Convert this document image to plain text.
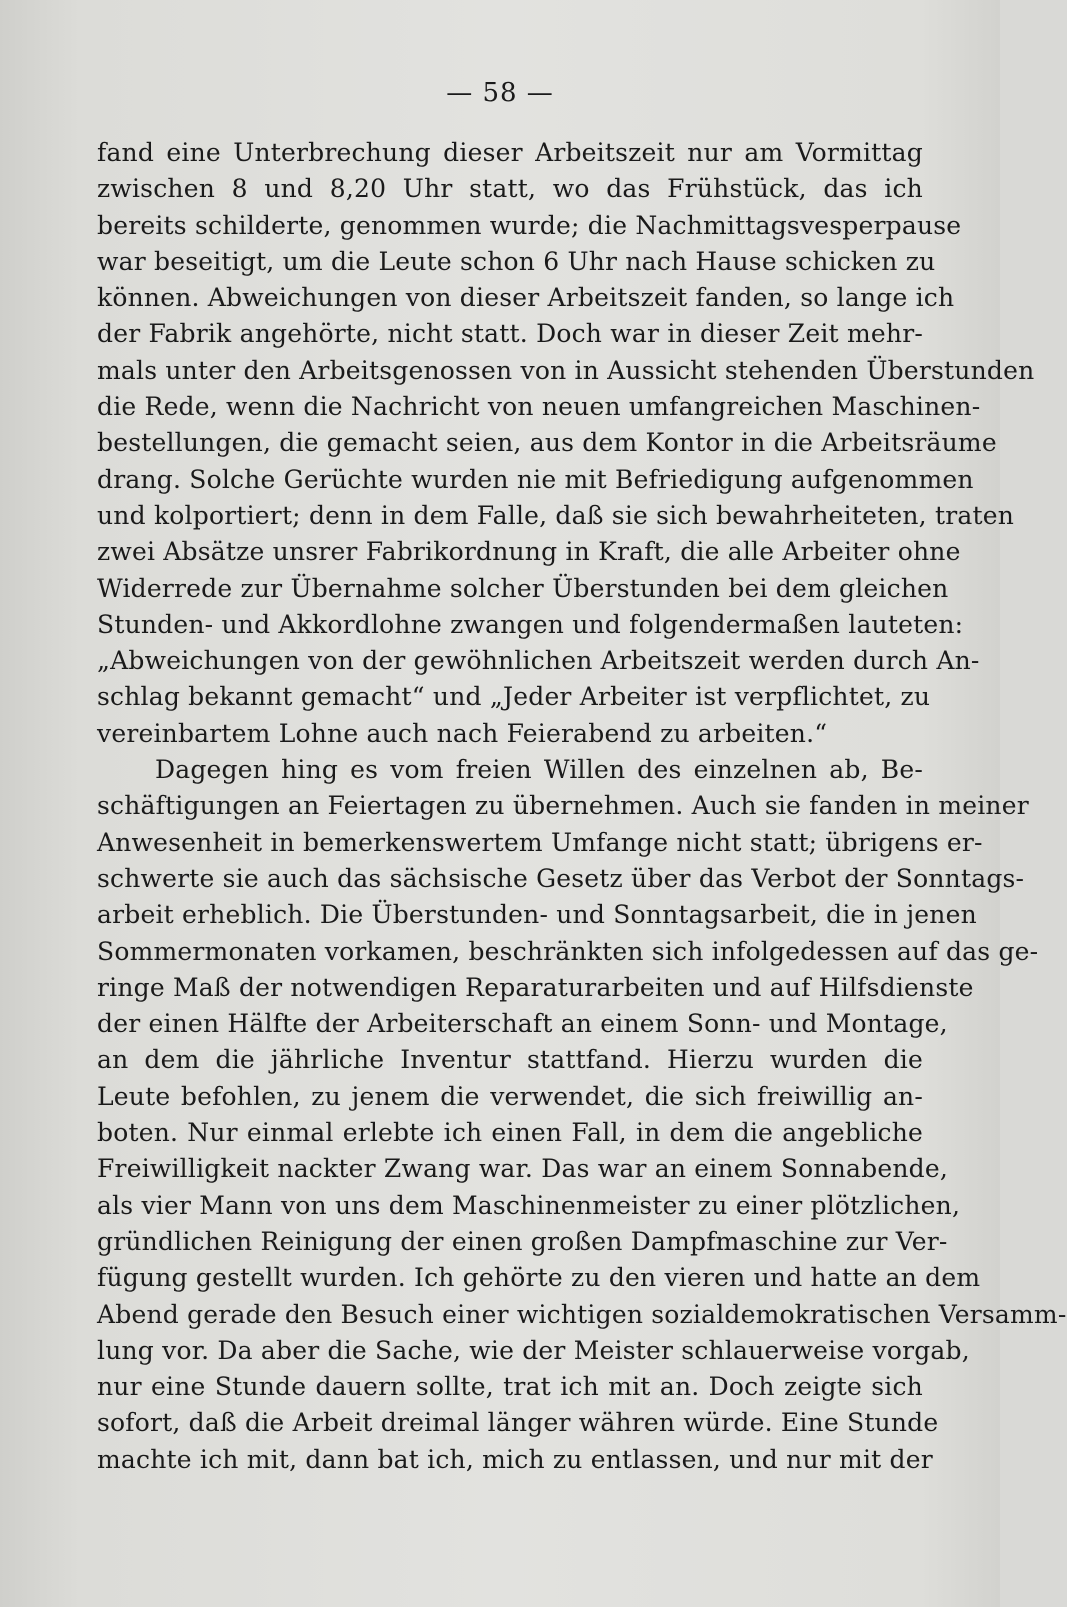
— 58 —
fand eine Unterbrechung dieser Arbeitszeit nur am Vormittag
zwischen 8 und 8,20 Uhr statt, wo das Frühstück, das ich
bereits schilderte, genommen wurde; die Nachmittagsvesperpause
war beseitigt, um die Leute schon 6 Uhr nach Hause schicken zu
können. Abweichungen von dieser Arbeitszeit fanden, so lange ich
der Fabrik angehörte, nicht statt. Doch war in dieser Zeit mehr-
mals unter den Arbeitsgenossen von in Aussicht stehenden Überstunden
die Rede, wenn die Nachricht von neuen umfangreichen Maschinen-
bestellungen, die gemacht seien, aus dem Kontor in die Arbeitsräume
drang. Solche Gerüchte wurden nie mit Befriedigung aufgenommen
und kolportiert; denn in dem Falle, daß sie sich bewahrheiteten, traten
zwei Absätze unsrer Fabrikordnung in Kraft, die alle Arbeiter ohne
Widerrede zur Übernahme solcher Überstunden bei dem gleichen
Stunden- und Akkordlohne zwangen und folgendermaßen lauteten:
„Abweichungen von der gewöhnlichen Arbeitszeit werden durch An-
schlag bekannt gemacht“ und „Jeder Arbeiter ist verpflichtet, zu
vereinbartem Lohne auch nach Feierabend zu arbeiten.“
Dagegen hing es vom freien Willen des einzelnen ab, Be-
schäftigungen an Feiertagen zu übernehmen. Auch sie fanden in meiner
Anwesenheit in bemerkenswertem Umfange nicht statt; übrigens er-
schwerte sie auch das sächsische Gesetz über das Verbot der Sonntags-
arbeit erheblich. Die Überstunden- und Sonntagsarbeit, die in jenen
Sommermonaten vorkamen, beschränkten sich infolgedessen auf das ge-
ringe Maß der notwendigen Reparaturarbeiten und auf Hilfsdienste
der einen Hälfte der Arbeiterschaft an einem Sonn- und Montage,
an dem die jährliche Inventur stattfand. Hierzu wurden die
Leute befohlen, zu jenem die verwendet, die sich freiwillig an-
boten. Nur einmal erlebte ich einen Fall, in dem die angebliche
Freiwilligkeit nackter Zwang war. Das war an einem Sonnabende,
als vier Mann von uns dem Maschinenmeister zu einer plötzlichen,
gründlichen Reinigung der einen großen Dampfmaschine zur Ver-
fügung gestellt wurden. Ich gehörte zu den vieren und hatte an dem
Abend gerade den Besuch einer wichtigen sozialdemokratischen Versamm-
lung vor. Da aber die Sache, wie der Meister schlauerweise vorgab,
nur eine Stunde dauern sollte, trat ich mit an. Doch zeigte sich
sofort, daß die Arbeit dreimal länger währen würde. Eine Stunde
machte ich mit, dann bat ich, mich zu entlassen, und nur mit der
